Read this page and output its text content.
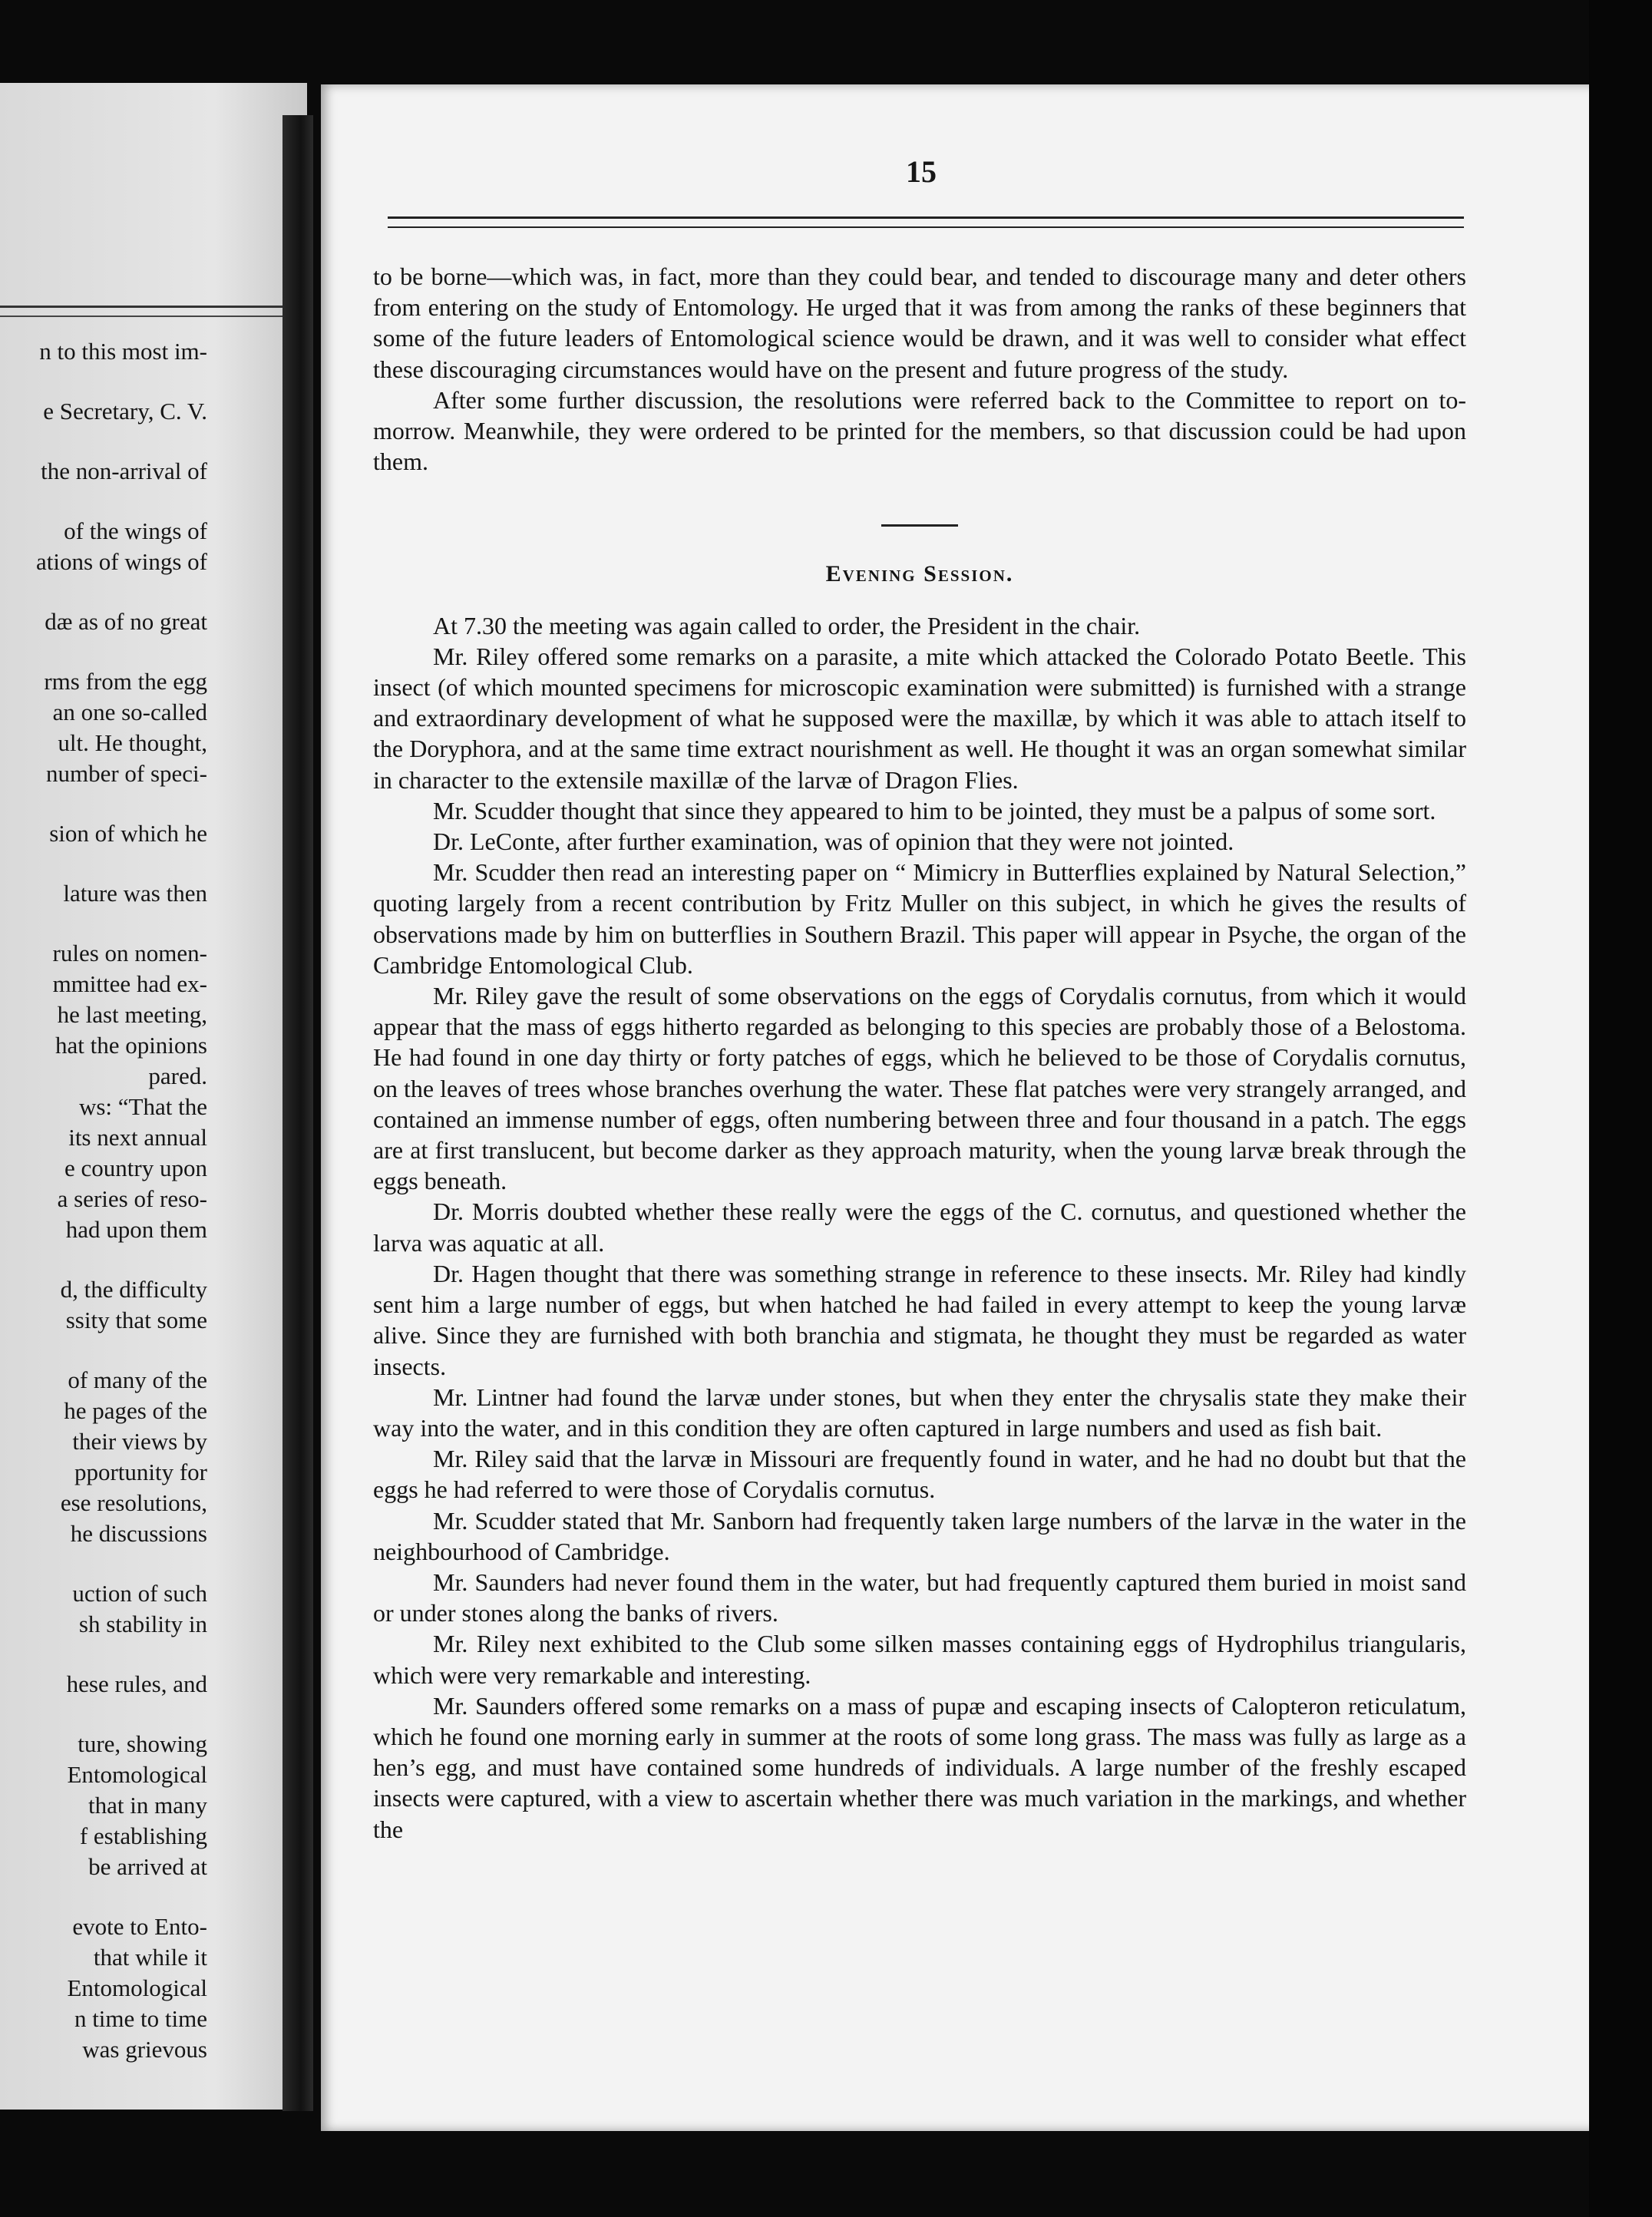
n to this most im-
e Secretary, C. V.
the non-arrival of
of the wings of
ations of wings of
dæ as of no great
rms from the egg
an one so-called
ult. He thought,
number of speci-
sion of which he
lature was then
rules on nomen-
mmittee had ex-
he last meeting,
hat the opinions
pared.
ws: “That the
its next annual
e country upon
a series of reso-
had upon them
d, the difficulty
ssity that some
of many of the
he pages of the
their views by
pportunity for
ese resolutions,
he discussions
uction of such
sh stability in
hese rules, and
ture, showing
Entomological
that in many
f establishing
be arrived at
evote to Ento-
that while it
Entomological
n time to time
was grievous
15

to be borne—which was, in fact, more than they could bear, and tended to discourage many and deter others from entering on the study of Entomology. He urged that it was from among the ranks of these beginners that some of the future leaders of Entomological science would be drawn, and it was well to consider what effect these discouraging circumstances would have on the present and future progress of the study.

After some further discussion, the resolutions were referred back to the Committee to report on to-morrow. Meanwhile, they were ordered to be printed for the members, so that discussion could be had upon them.

Evening Session.

At 7.30 the meeting was again called to order, the President in the chair.

Mr. Riley offered some remarks on a parasite, a mite which attacked the Colorado Potato Beetle. This insect (of which mounted specimens for microscopic examination were submitted) is furnished with a strange and extraordinary development of what he supposed were the maxillæ, by which it was able to attach itself to the Doryphora, and at the same time extract nourishment as well. He thought it was an organ somewhat similar in character to the extensile maxillæ of the larvæ of Dragon Flies.

Mr. Scudder thought that since they appeared to him to be jointed, they must be a palpus of some sort.

Dr. LeConte, after further examination, was of opinion that they were not jointed.

Mr. Scudder then read an interesting paper on “ Mimicry in Butterflies explained by Natural Selection,” quoting largely from a recent contribution by Fritz Muller on this subject, in which he gives the results of observations made by him on butterflies in Southern Brazil. This paper will appear in Psyche, the organ of the Cambridge Entomological Club.

Mr. Riley gave the result of some observations on the eggs of Corydalis cornutus, from which it would appear that the mass of eggs hitherto regarded as belonging to this species are probably those of a Belostoma. He had found in one day thirty or forty patches of eggs, which he believed to be those of Corydalis cornutus, on the leaves of trees whose branches overhung the water. These flat patches were very strangely arranged, and contained an immense number of eggs, often numbering between three and four thousand in a patch. The eggs are at first translucent, but become darker as they approach maturity, when the young larvæ break through the eggs beneath.

Dr. Morris doubted whether these really were the eggs of the C. cornutus, and questioned whether the larva was aquatic at all.

Dr. Hagen thought that there was something strange in reference to these insects. Mr. Riley had kindly sent him a large number of eggs, but when hatched he had failed in every attempt to keep the young larvæ alive. Since they are furnished with both branchia and stigmata, he thought they must be regarded as water insects.

Mr. Lintner had found the larvæ under stones, but when they enter the chrysalis state they make their way into the water, and in this condition they are often captured in large numbers and used as fish bait.

Mr. Riley said that the larvæ in Missouri are frequently found in water, and he had no doubt but that the eggs he had referred to were those of Corydalis cornutus.

Mr. Scudder stated that Mr. Sanborn had frequently taken large numbers of the larvæ in the water in the neighbourhood of Cambridge.

Mr. Saunders had never found them in the water, but had frequently captured them buried in moist sand or under stones along the banks of rivers.

Mr. Riley next exhibited to the Club some silken masses containing eggs of Hydrophilus triangularis, which were very remarkable and interesting.

Mr. Saunders offered some remarks on a mass of pupæ and escaping insects of Calopteron reticulatum, which he found one morning early in summer at the roots of some long grass. The mass was fully as large as a hen’s egg, and must have contained some hundreds of individuals. A large number of the freshly escaped insects were captured, with a view to ascertain whether there was much variation in the markings, and whether the
